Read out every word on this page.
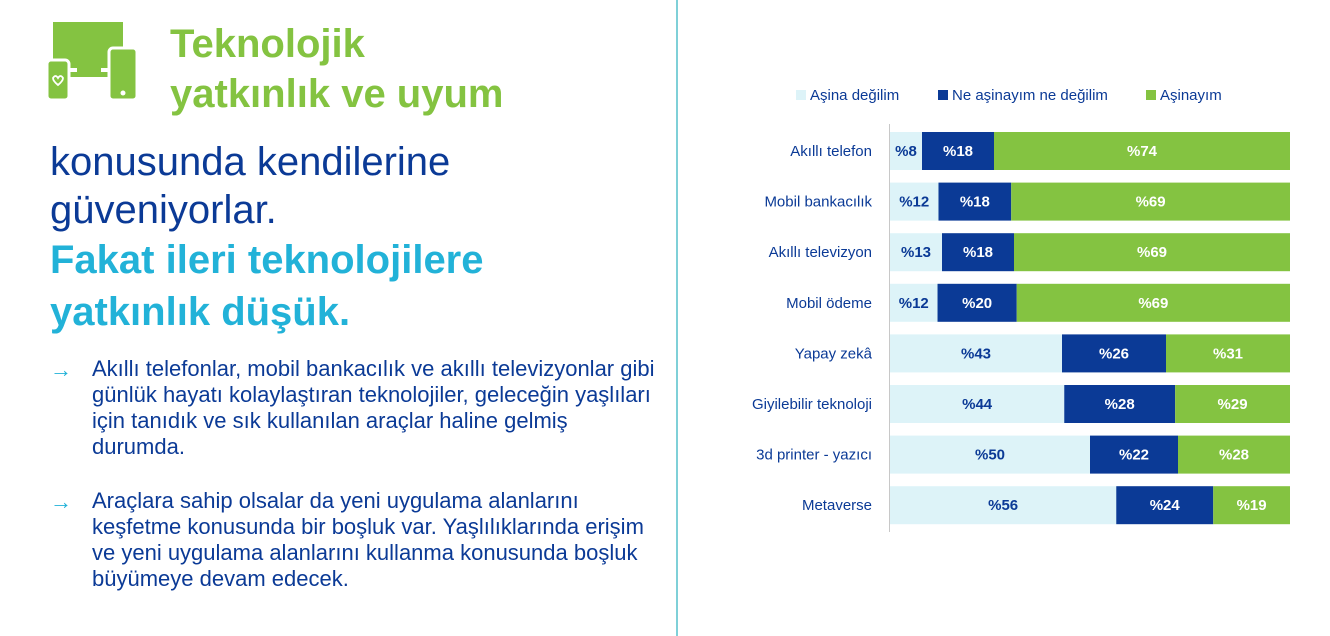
Teknolojik
yatkınlık ve uyum
konusunda kendilerine
güveniyorlar.
Fakat ileri teknolojilere
yatkınlık düşük.
→ Akıllı telefonlar, mobil bankacılık ve akıllı televizyonlar gibi günlük hayatı kolaylaştıran teknolojiler, geleceğin yaşlıları için tanıdık ve sık kullanılan araçlar haline gelmiş durumda.
→ Araçlara sahip olsalar da yeni uygulama alanlarını keşfetme konusunda bir boşluk var. Yaşlılıklarında erişim ve yeni uygulama alanlarını kullanma konusunda boşluk büyümeye devam edecek.
Aşina değilim	Ne aşinayım ne değilim	Aşinayım
Akıllı telefon %8 %18	%74
Mobil bankacılık %12 %18	%69
Akıllı televizyon %13 %18	%69
Mobil ödeme %12 %20	%69
Yapay zekâ	%43	%26	%31
Giyilebilir teknoloji	%44	%28	%29
3d printer - yazıcı	%50	%22	%28
Metaverse	%56	%24	%19
